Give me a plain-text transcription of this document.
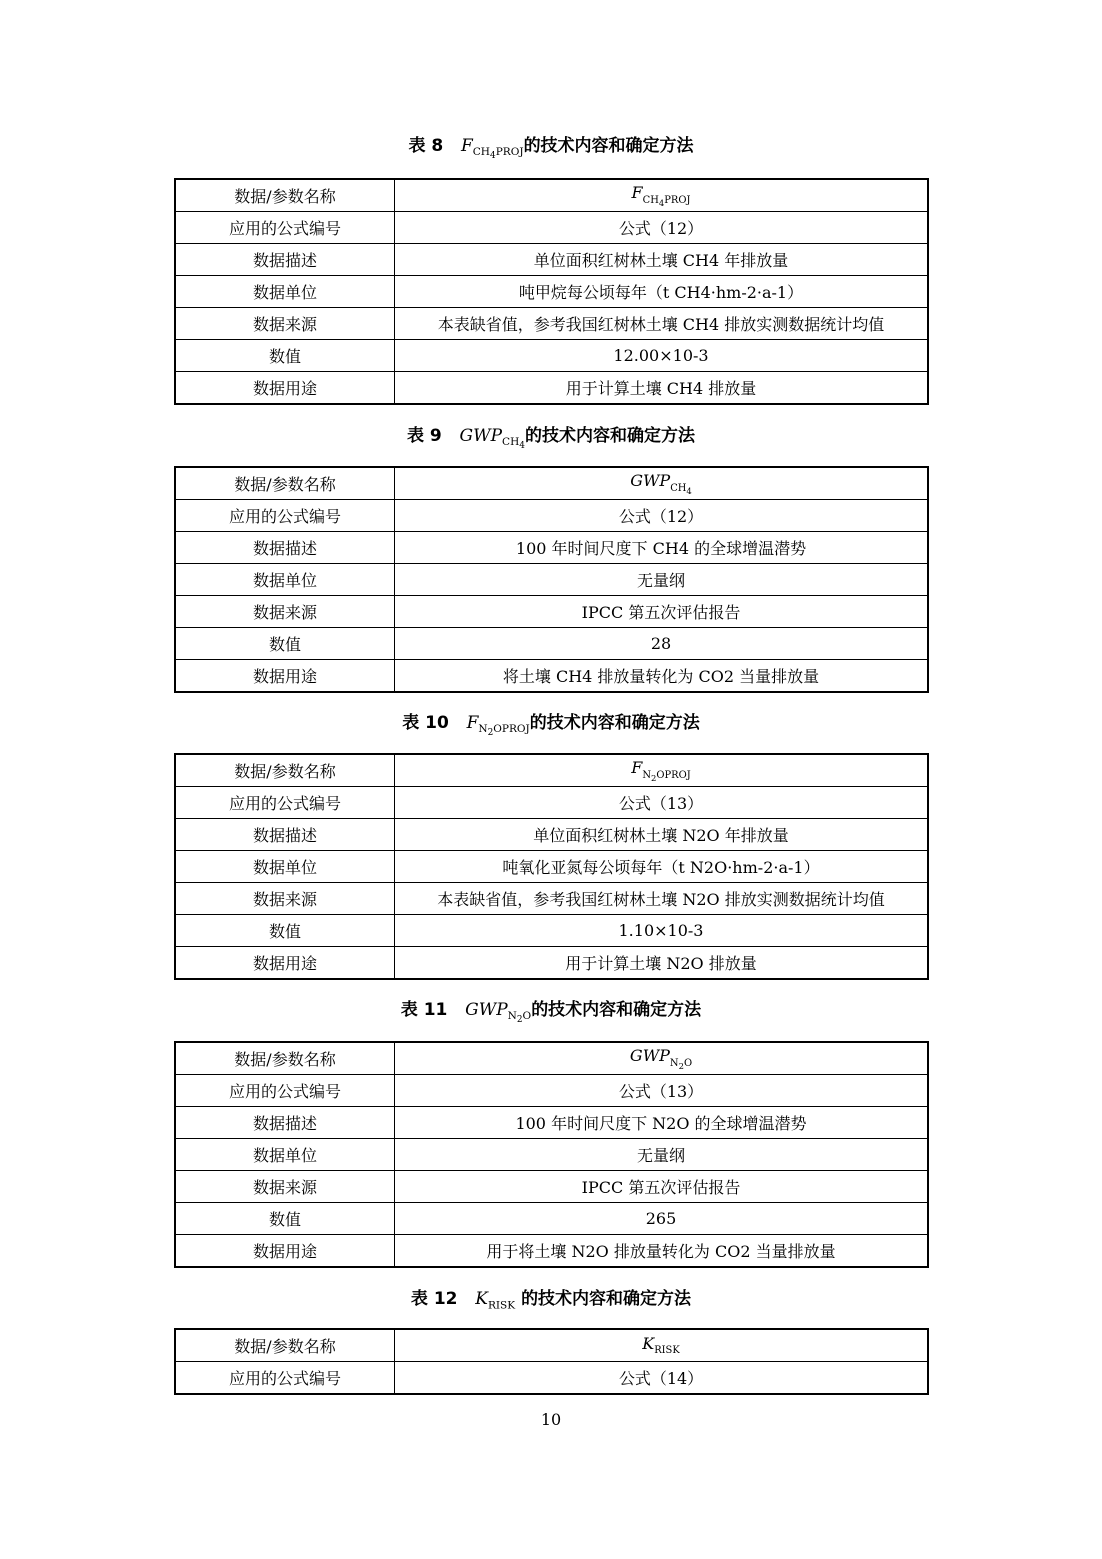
表 8 $F_{CH_4PROJ}$的技术内容和确定方法
数据/参数名称	$F_{CH_4PROJ}$
应用的公式编号	公式（12）
数据描述	单位面积红树林土壤 CH4 年排放量
数据单位	吨甲烷每公顷每年（t CH4·hm-2·a-1）
数据来源	本表缺省值，参考我国红树林土壤 CH4 排放实测数据统计均值
数值	12.00×10-3
数据用途	用于计算土壤 CH4 排放量
表 9 $GWP_{CH_4}$的技术内容和确定方法
数据/参数名称	$GWP_{CH_4}$
应用的公式编号	公式（12）
数据描述	100 年时间尺度下 CH4 的全球增温潜势
数据单位	无量纲
数据来源	IPCC 第五次评估报告
数值	28
数据用途	将土壤 CH4 排放量转化为 CO2 当量排放量
表 10 $F_{N_2OPROJ}$的技术内容和确定方法
数据/参数名称	$F_{N_2OPROJ}$
应用的公式编号	公式（13）
数据描述	单位面积红树林土壤 N2O 年排放量
数据单位	吨氧化亚氮每公顷每年（t N2O·hm-2·a-1）
数据来源	本表缺省值，参考我国红树林土壤 N2O 排放实测数据统计均值
数值	1.10×10-3
数据用途	用于计算土壤 N2O 排放量
表 11 $GWP_{N_2O}$的技术内容和确定方法
数据/参数名称	$GWP_{N_2O}$
应用的公式编号	公式（13）
数据描述	100 年时间尺度下 N2O 的全球增温潜势
数据单位	无量纲
数据来源	IPCC 第五次评估报告
数值	265
数据用途	用于将土壤 N2O 排放量转化为 CO2 当量排放量
表 12 $K_{RISK}$ 的技术内容和确定方法
数据/参数名称	$K_{RISK}$
应用的公式编号	公式（14）
10
